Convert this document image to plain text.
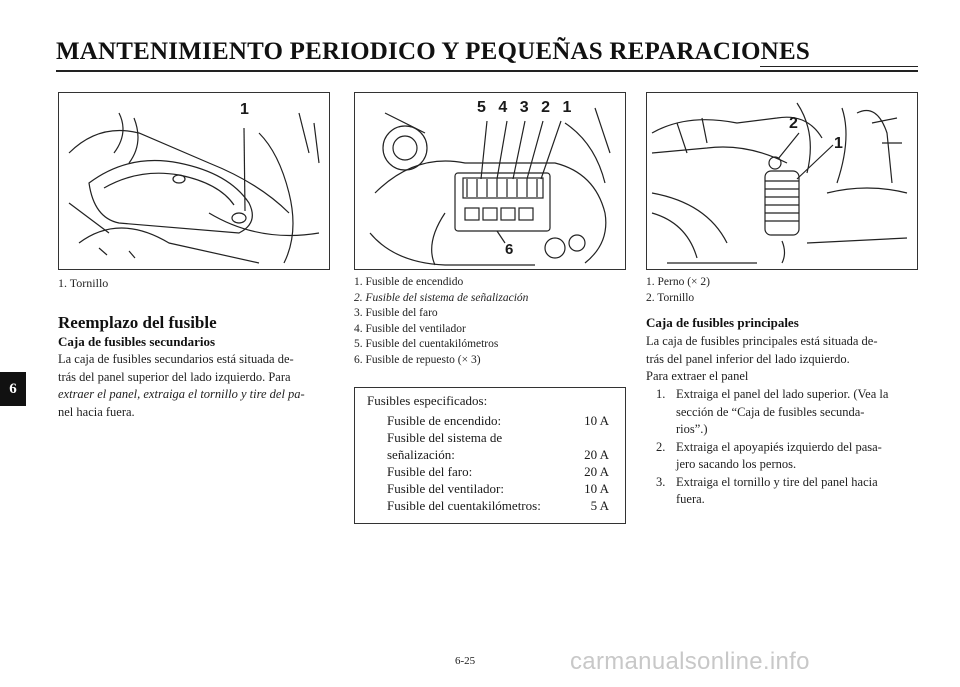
MANTENIMIENTO PERIODICO Y PEQUEÑAS REPARACIONES
6
1
1. Tornillo
Reemplazo del fusible
Caja de fusibles secundarios

La caja de fusibles secundarios está situada de-

trás del panel superior del lado izquierdo. Para

extraer el panel, extraiga el tornillo y tire del pa-

nel hacia fuera.

5 4 3 2 1
6
1. Fusible de encendido
2. Fusible del sistema de señalización
3. Fusible del faro
4. Fusible del ventilador
5. Fusible del cuentakilómetros
6. Fusible de repuesto (× 3)
Fusibles especificados:
Fusible de encendido:	10 A
Fusible del sistema de
señalización:	20 A
Fusible del faro:	20 A
Fusible del ventilador:	10 A
Fusible del cuentakilómetros:	5 A
2
1
1. Perno (× 2)
2. Tornillo
Caja de fusibles principales

La caja de fusibles principales está situada de-

trás del panel inferior del lado izquierdo.

Para extraer el panel

1. Extraiga el panel del lado superior. (Vea la
sección de “Caja de fusibles secunda-
rios”.)
2. Extraiga el apoyapiés izquierdo del pasa-
jero sacando los pernos.
3. Extraiga el tornillo y tire del panel hacia
fuera.
6-25	carmanualsonline.info
